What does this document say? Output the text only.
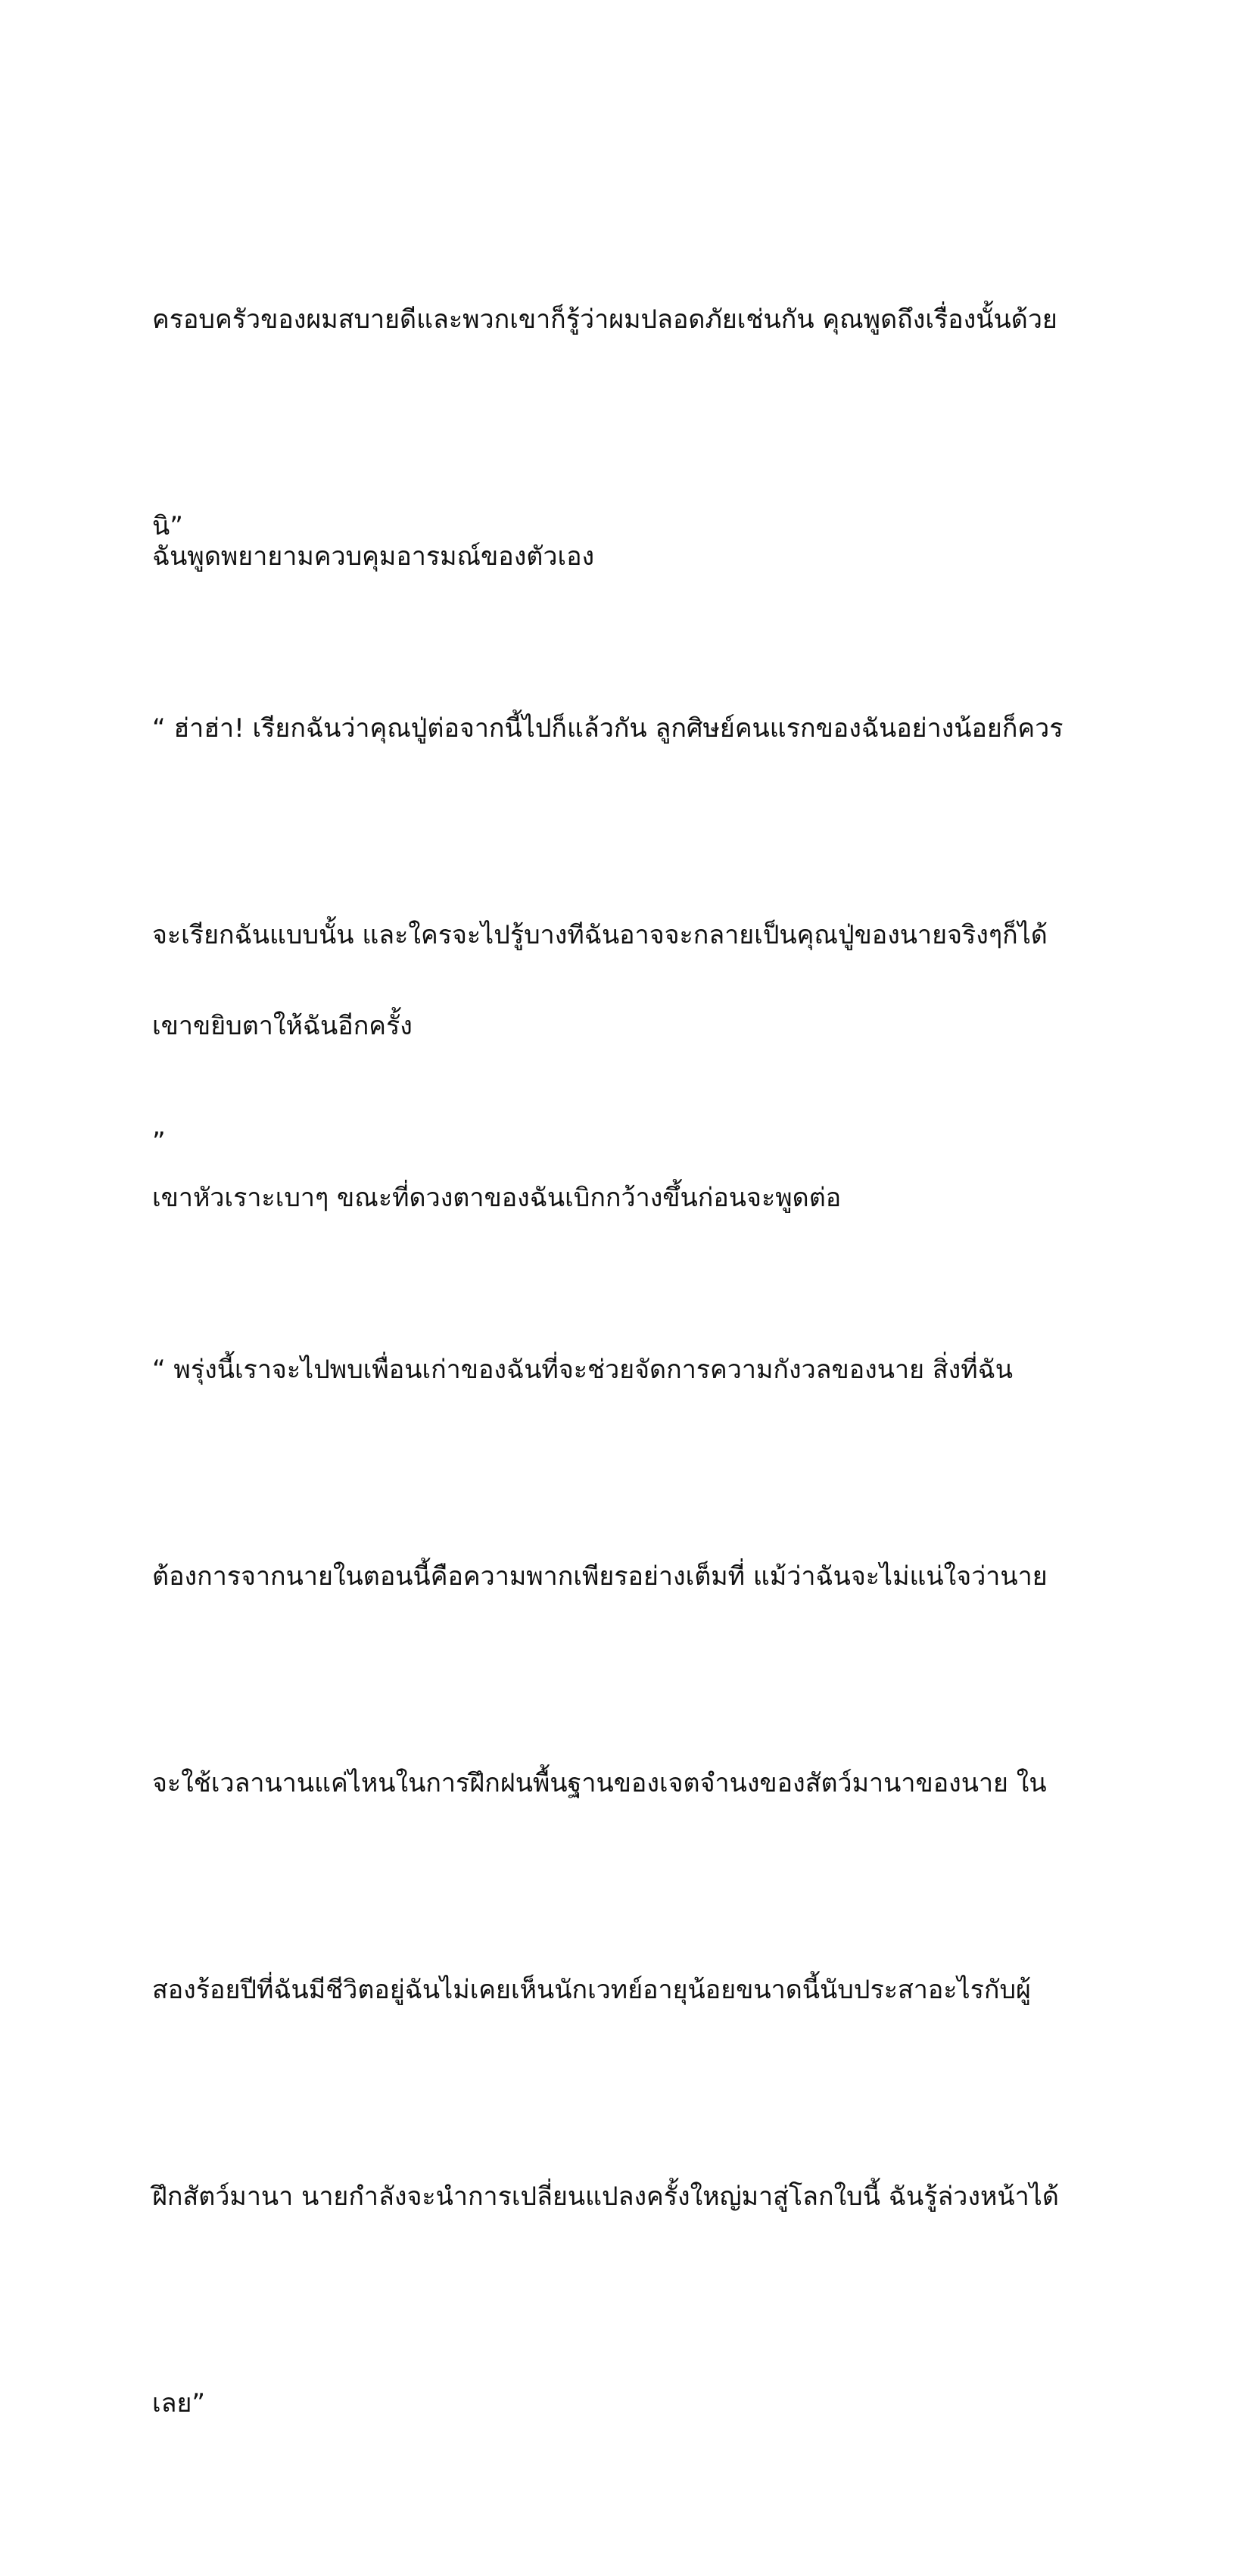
ครอบครัวของผมสบายดีและพวกเขาก็รู้ว่าผมปลอดภัยเช่นกัน คุณพูดถึงเรื่องนั้นด้วย

นิ”

ฉันพูดพยายามควบคุมอารมณ์ของตัวเอง

“ ฮ่าฮ่า! เรียกฉันว่าคุณปู่ต่อจากนี้ไปก็แล้วกัน ลูกศิษย์คนแรกของฉันอย่างน้อยก็ควร

จะเรียกฉันแบบนั้น และใครจะไปรู้บางทีฉันอาจจะกลายเป็นคุณปู่ของนายจริงๆก็ได้

”

เขาขยิบตาให้ฉันอีกครั้ง

เขาหัวเราะเบาๆ ขณะที่ดวงตาของฉันเบิกกว้างขึ้นก่อนจะพูดต่อ

“ พรุ่งนี้เราจะไปพบเพื่อนเก่าของฉันที่จะช่วยจัดการความกังวลของนาย สิ่งที่ฉัน

ต้องการจากนายในตอนนี้คือความพากเพียรอย่างเต็มที่ แม้ว่าฉันจะไม่แน่ใจว่านาย

จะใช้เวลานานแค่ไหนในการฝึกฝนพื้นฐานของเจตจำนงของสัตว์มานาของนาย ใน

สองร้อยปีที่ฉันมีชีวิตอยู่ฉันไม่เคยเห็นนักเวทย์อายุน้อยขนาดนี้นับประสาอะไรกับผู้

ฝึกสัตว์มานา นายกำลังจะนำการเปลี่ยนแปลงครั้งใหญ่มาสู่โลกใบนี้ ฉันรู้ล่วงหน้าได้

เลย”
